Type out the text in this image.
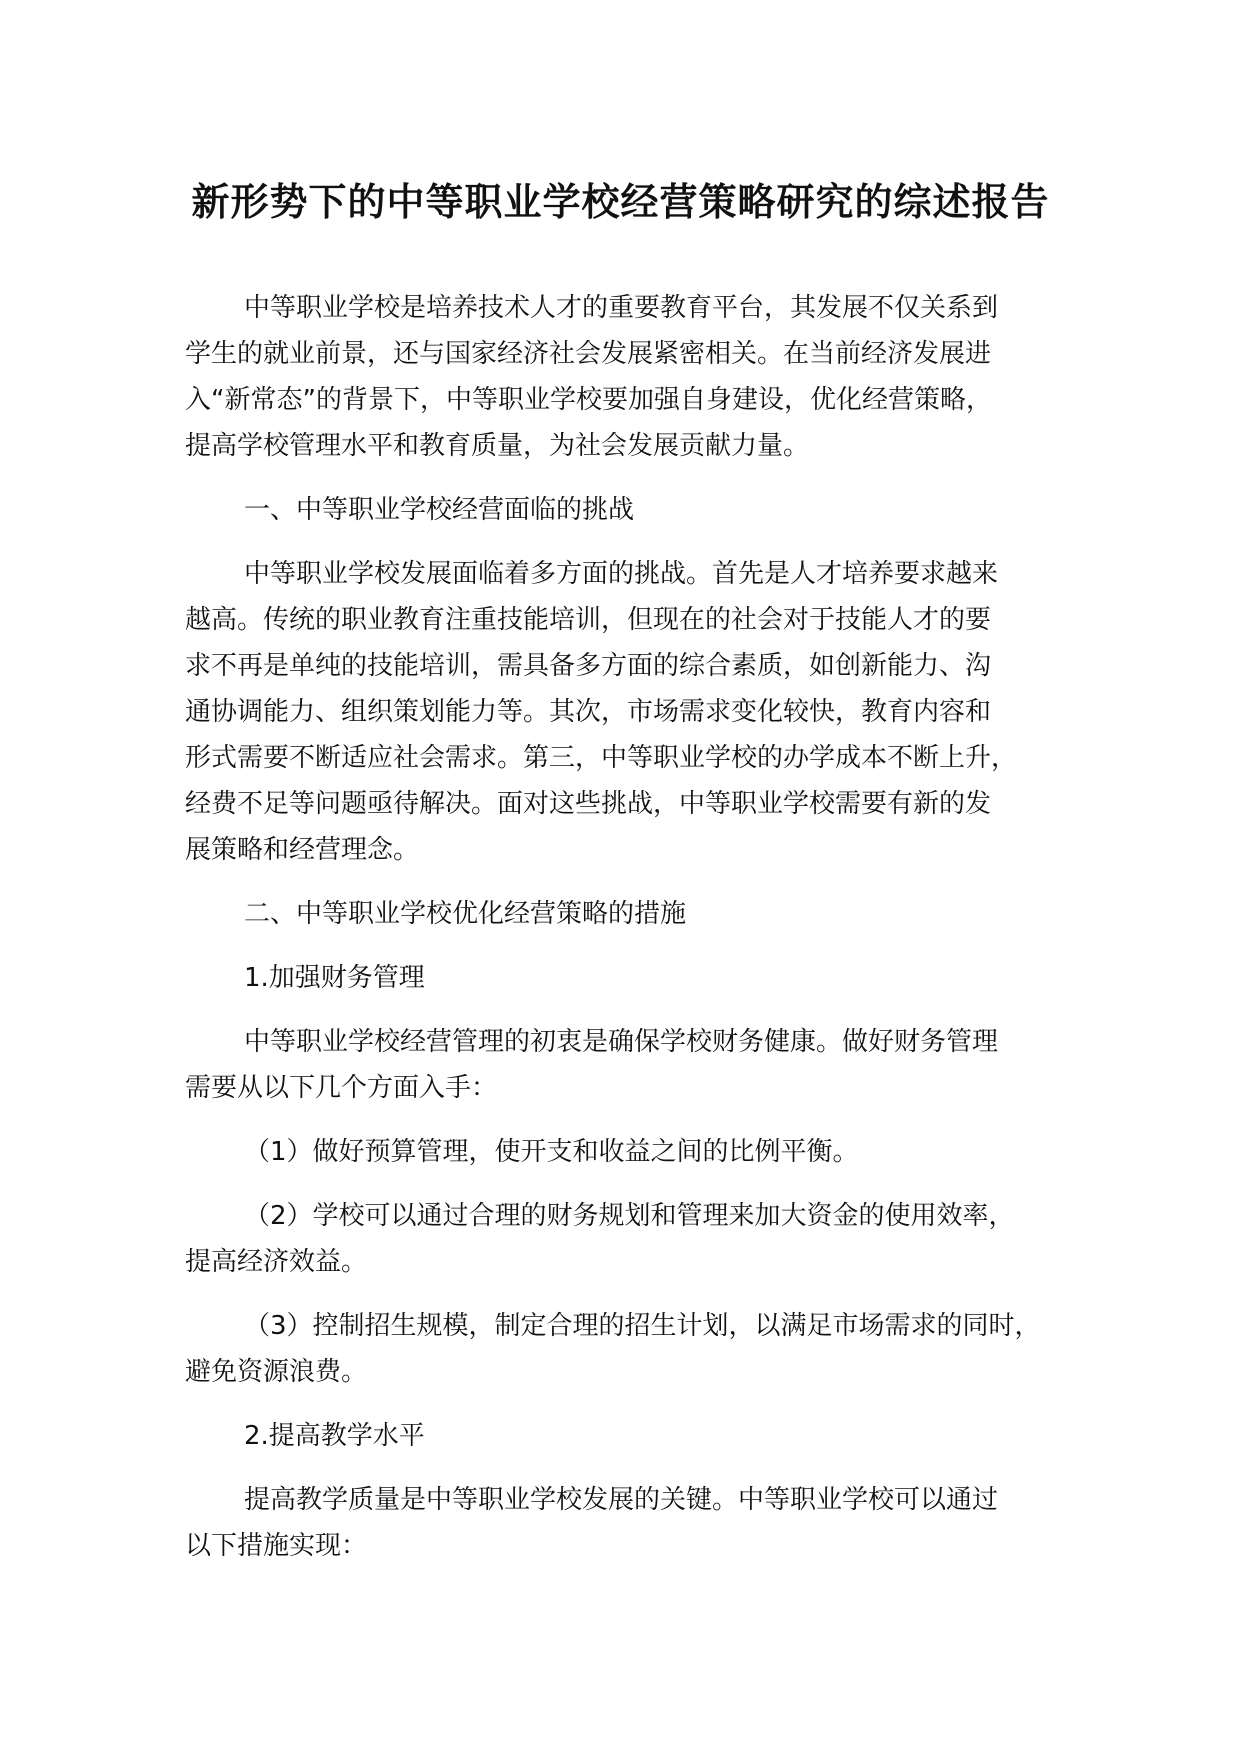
新形势下的中等职业学校经营策略研究的综述报告
中等职业学校是培养技术人才的重要教育平台，其发展不仅关系到
学生的就业前景，还与国家经济社会发展紧密相关。在当前经济发展进
入“新常态”的背景下，中等职业学校要加强自身建设，优化经营策略，
提高学校管理水平和教育质量，为社会发展贡献力量。
一、中等职业学校经营面临的挑战
中等职业学校发展面临着多方面的挑战。首先是人才培养要求越来
越高。传统的职业教育注重技能培训，但现在的社会对于技能人才的要
求不再是单纯的技能培训，需具备多方面的综合素质，如创新能力、沟
通协调能力、组织策划能力等。其次，市场需求变化较快，教育内容和
形式需要不断适应社会需求。第三，中等职业学校的办学成本不断上升，
经费不足等问题亟待解决。面对这些挑战，中等职业学校需要有新的发
展策略和经营理念。
二、中等职业学校优化经营策略的措施
1.加强财务管理
中等职业学校经营管理的初衷是确保学校财务健康。做好财务管理
需要从以下几个方面入手：
（1）做好预算管理，使开支和收益之间的比例平衡。
（2）学校可以通过合理的财务规划和管理来加大资金的使用效率，
提高经济效益。
（3）控制招生规模，制定合理的招生计划，以满足市场需求的同时，
避免资源浪费。
2.提高教学水平
提高教学质量是中等职业学校发展的关键。中等职业学校可以通过
以下措施实现：
